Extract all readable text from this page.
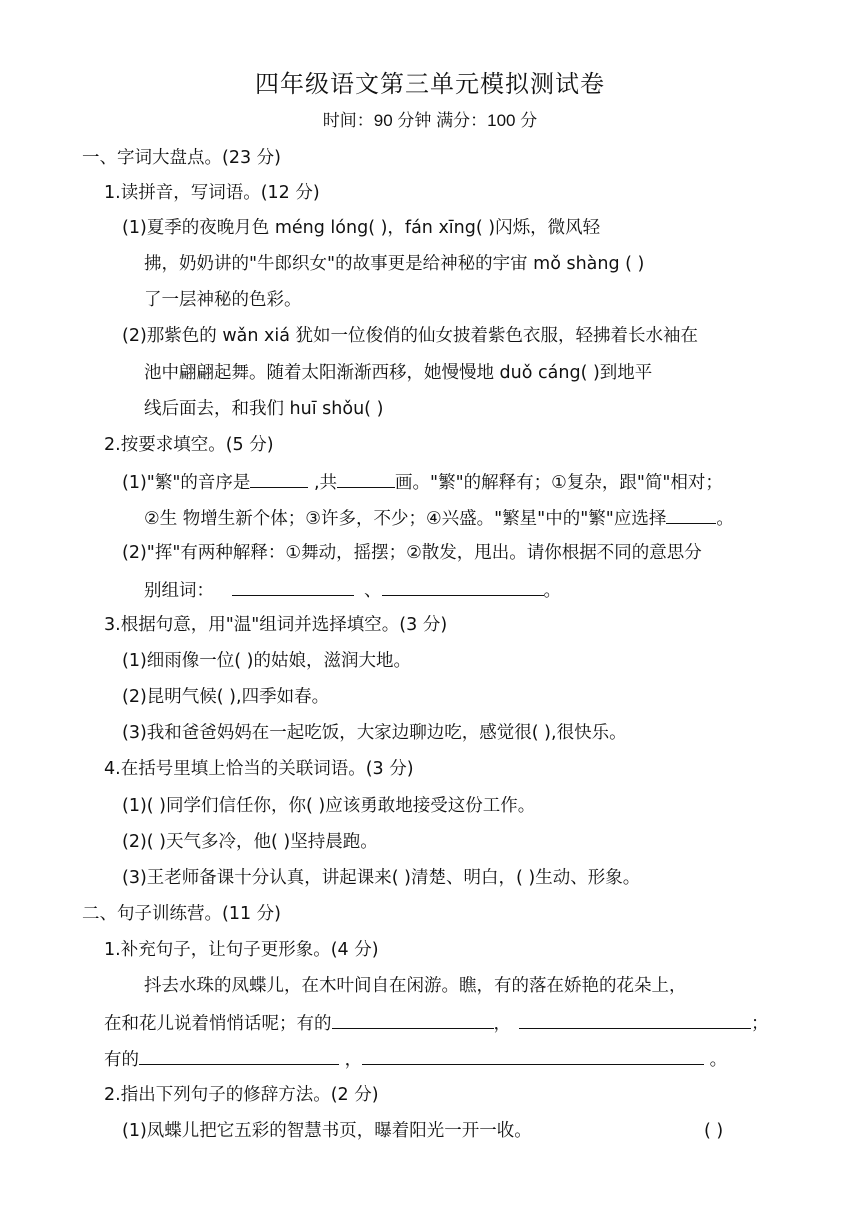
四年级语文第三单元模拟测试卷
时间：90 分钟 满分：100 分
一、字词大盘点。(23 分)
1.读拼音，写词语。(12 分)
(1)夏季的夜晚月色 méng lóng( )，fán xīng( )闪烁，微风轻
拂，奶奶讲的"牛郎织女"的故事更是给神秘的宇宙 mǒ shàng ( )
了一层神秘的色彩。
(2)那紫色的 wǎn xiá 犹如一位俊俏的仙女披着紫色衣服，轻拂着长水袖在
池中翩翩起舞。随着太阳渐渐西移，她慢慢地 duǒ cáng( )到地平
线后面去，和我们 huī shǒu( )
2.按要求填空。(5 分)
(1)"繁"的音序是	,共	画。"繁"的解释有；①复杂，跟"简"相对；
②生 物增生新个体；③许多，不少；④兴盛。"繁星"中的"繁"应选择	。
(2)"挥"有两种解释：①舞动，摇摆；②散发，甩出。请你根据不同的意思分
别组词：	、	。
3.根据句意，用"温"组词并选择填空。(3 分)
(1)细雨像一位( )的姑娘，滋润大地。
(2)昆明气候( ),四季如春。
(3)我和爸爸妈妈在一起吃饭，大家边聊边吃，感觉很( ),很快乐。
4.在括号里填上恰当的关联词语。(3 分)
(1)( )同学们信任你，你( )应该勇敢地接受这份工作。
(2)( )天气多冷，他( )坚持晨跑。
(3)王老师备课十分认真，讲起课来( )清楚、明白，( )生动、形象。
二、句子训练营。(11 分)
1.补充句子，让句子更形象。(4 分)
抖去水珠的凤蝶儿，在木叶间自在闲游。瞧，有的落在娇艳的花朵上，
在和花儿说着悄悄话呢；有的	，	；
有的	，	。
2.指出下列句子的修辞方法。(2 分)
(1)凤蝶儿把它五彩的智慧书页，曝着阳光一开一收。	( )
